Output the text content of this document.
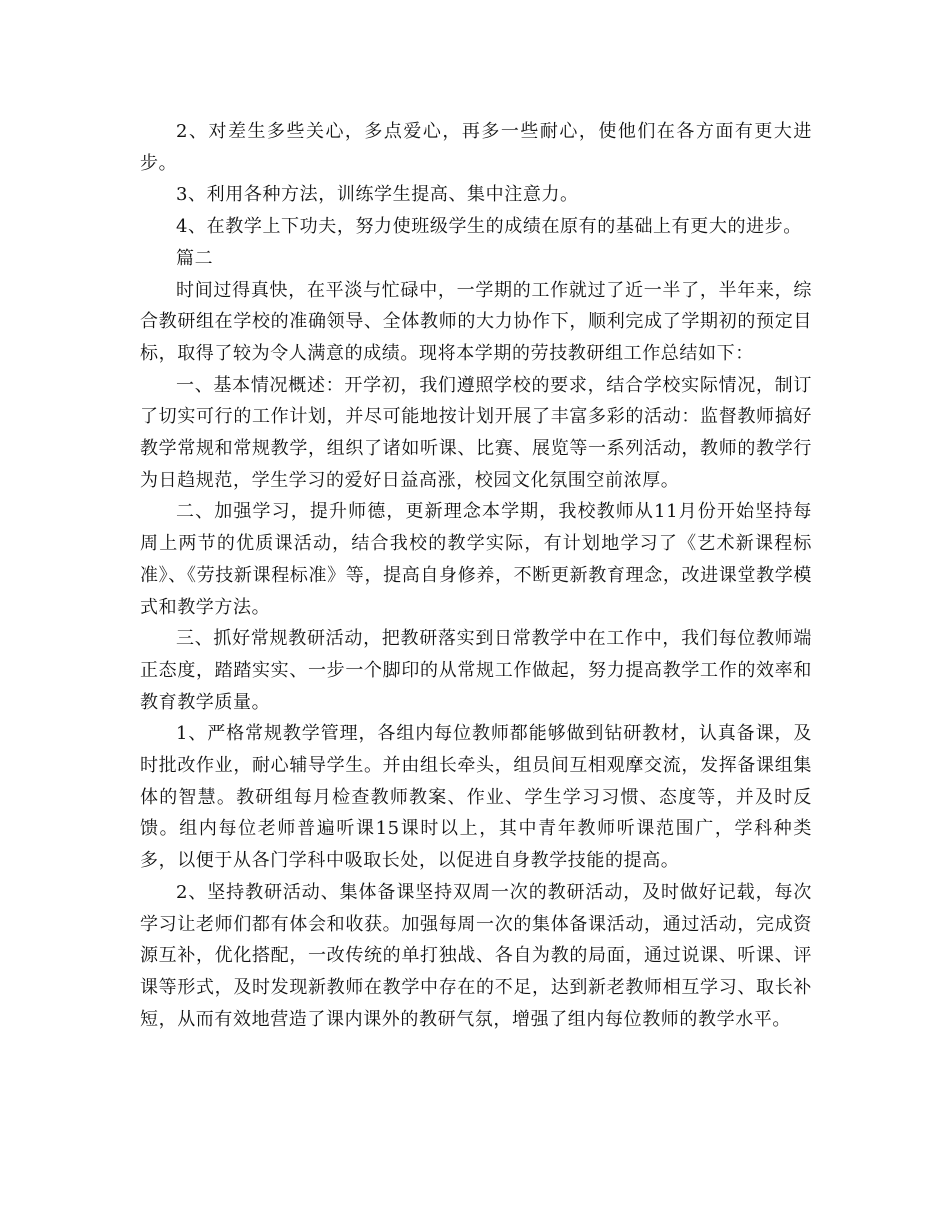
2、对差生多些关心，多点爱心，再多一些耐心，使他们在各方面有更大进步。

3、利用各种方法，训练学生提高、集中注意力。

4、在教学上下功夫，努力使班级学生的成绩在原有的基础上有更大的进步。

篇二

时间过得真快，在平淡与忙碌中，一学期的工作就过了近一半了，半年来，综合教研组在学校的准确领导、全体教师的大力协作下，顺利完成了学期初的预定目标，取得了较为令人满意的成绩。现将本学期的劳技教研组工作总结如下：

一、基本情况概述：开学初，我们遵照学校的要求，结合学校实际情况，制订了切实可行的工作计划，并尽可能地按计划开展了丰富多彩的活动：监督教师搞好教学常规和常规教学，组织了诸如听课、比赛、展览等一系列活动，教师的教学行为日趋规范，学生学习的爱好日益高涨，校园文化氛围空前浓厚。

二、加强学习，提升师德，更新理念本学期，我校教师从11月份开始坚持每周上两节的优质课活动，结合我校的教学实际，有计划地学习了《艺术新课程标准》、《劳技新课程标准》等，提高自身修养，不断更新教育理念，改进课堂教学模式和教学方法。

三、抓好常规教研活动，把教研落实到日常教学中在工作中，我们每位教师端正态度，踏踏实实、一步一个脚印的从常规工作做起，努力提高教学工作的效率和教育教学质量。

1、严格常规教学管理，各组内每位教师都能够做到钻研教材，认真备课，及时批改作业，耐心辅导学生。并由组长牵头，组员间互相观摩交流，发挥备课组集体的智慧。教研组每月检查教师教案、作业、学生学习习惯、态度等，并及时反馈。组内每位老师普遍听课15课时以上，其中青年教师听课范围广，学科种类多，以便于从各门学科中吸取长处，以促进自身教学技能的提高。

2、坚持教研活动、集体备课坚持双周一次的教研活动，及时做好记载，每次学习让老师们都有体会和收获。加强每周一次的集体备课活动，通过活动，完成资源互补，优化搭配，一改传统的单打独战、各自为教的局面，通过说课、听课、评课等形式，及时发现新教师在教学中存在的不足，达到新老教师相互学习、取长补短，从而有效地营造了课内课外的教研气氛，增强了组内每位教师的教学水平。
